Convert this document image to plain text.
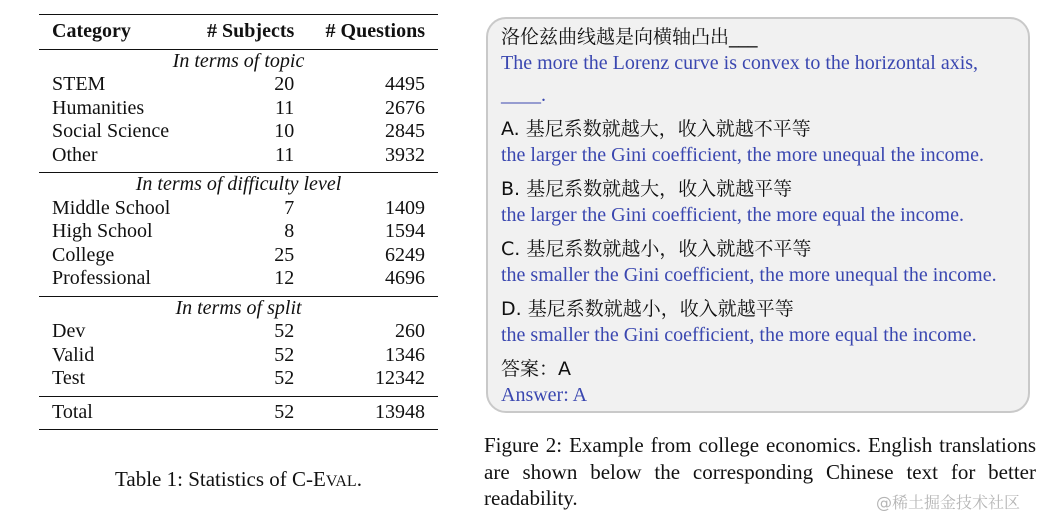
Category	# Subjects	# Questions
In terms of topic		
STEM	20	4495
Humanities	11	2676
Social Science	10	2845
Other	11	3932
In terms of difficulty level		
Middle School	7	1409
High School	8	1594
College	25	6249
Professional	12	4696
In terms of split		
Dev	52	260
Valid	52	1346
Test	52	12342
Total	52	13948
Table 1: Statistics of C-EVAL.
洛伦兹曲线越是向横轴凸出___
The more the Lorenz curve is convex to the horizontal axis,
____.
A. 基尼系数就越大，收入就越不平等
the larger the Gini coefficient, the more unequal the income.
B. 基尼系数就越大，收入就越平等
the larger the Gini coefficient, the more equal the income.
C. 基尼系数就越小，收入就越不平等
the smaller the Gini coefficient, the more unequal the income.
D. 基尼系数就越小，收入就越平等
the smaller the Gini coefficient, the more equal the income.
答案：A
Answer: A
Figure 2: Example from college economics. English translations are shown below the corresponding Chinese text for better readability.	@稀土掘金技术社区
